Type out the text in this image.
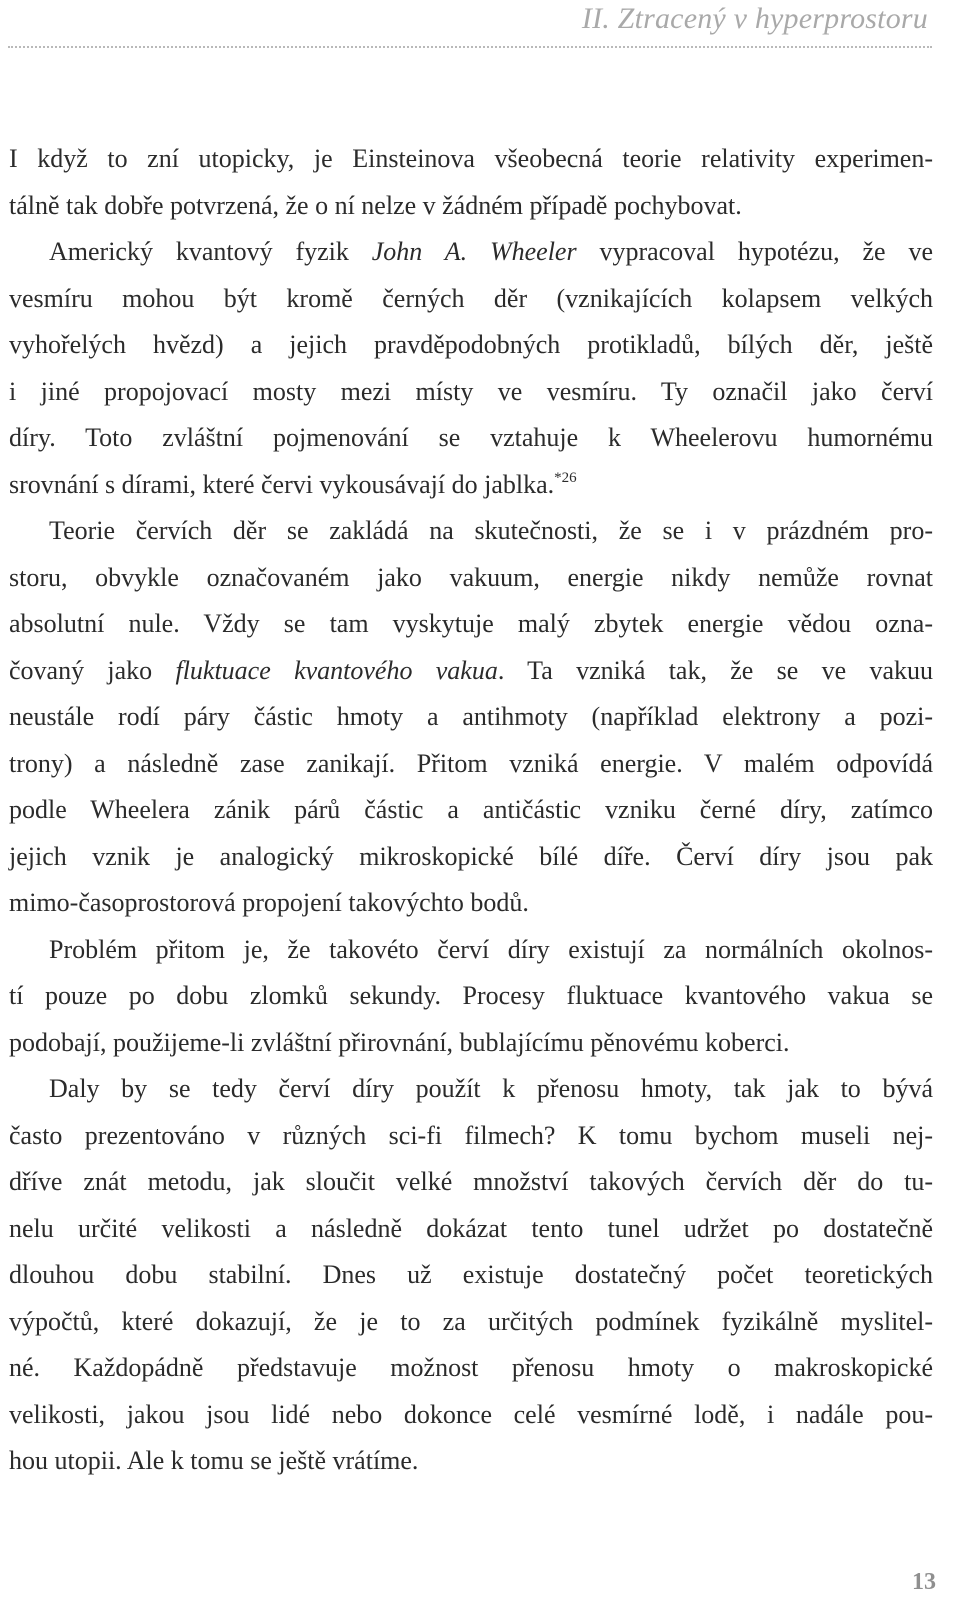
II. Ztracený v hyperprostoru
I když to zní utopicky, je Einsteinova všeobecná teorie relativity experimen-
tálně tak dobře potvrzená, že o ní nelze v žádném případě pochybovat.
Americký kvantový fyzik John A. Wheeler vypracoval hypotézu, že ve
vesmíru mohou být kromě černých děr (vznikajících kolapsem velkých
vyhořelých hvězd) a jejich pravděpodobných protikladů, bílých děr, ještě
i jiné propojovací mosty mezi místy ve vesmíru. Ty označil jako červí
díry. Toto zvláštní pojmenování se vztahuje k Wheelerovu humornému
srovnání s dírami, které červi vykousávají do jablka.$^{*26}$
Teorie červích děr se zakládá na skutečnosti, že se i v prázdném pro-
storu, obvykle označovaném jako vakuum, energie nikdy nemůže rovnat
absolutní nule. Vždy se tam vyskytuje malý zbytek energie vědou ozna-
čovaný jako fluktuace kvantového vakua. Ta vzniká tak, že se ve vakuu
neustále rodí páry částic hmoty a antihmoty (například elektrony a pozi-
trony) a následně zase zanikají. Přitom vzniká energie. V malém odpovídá
podle Wheelera zánik párů částic a antičástic vzniku černé díry, zatímco
jejich vznik je analogický mikroskopické bílé díře. Červí díry jsou pak
mimo-časoprostorová propojení takovýchto bodů.
Problém přitom je, že takovéto červí díry existují za normálních okolnos-
tí pouze po dobu zlomků sekundy. Procesy fluktuace kvantového vakua se
podobají, použijeme-li zvláštní přirovnání, bublajícímu pěnovému koberci.
Daly by se tedy červí díry použít k přenosu hmoty, tak jak to bývá
často prezentováno v různých sci-fi filmech? K tomu bychom museli nej-
dříve znát metodu, jak sloučit velké množství takových červích děr do tu-
nelu určité velikosti a následně dokázat tento tunel udržet po dostatečně
dlouhou dobu stabilní. Dnes už existuje dostatečný počet teoretických
výpočtů, které dokazují, že je to za určitých podmínek fyzikálně myslitel-
né. Každopádně představuje možnost přenosu hmoty o makroskopické
velikosti, jakou jsou lidé nebo dokonce celé vesmírné lodě, i nadále pou-
hou utopii. Ale k tomu se ještě vrátíme.
13
